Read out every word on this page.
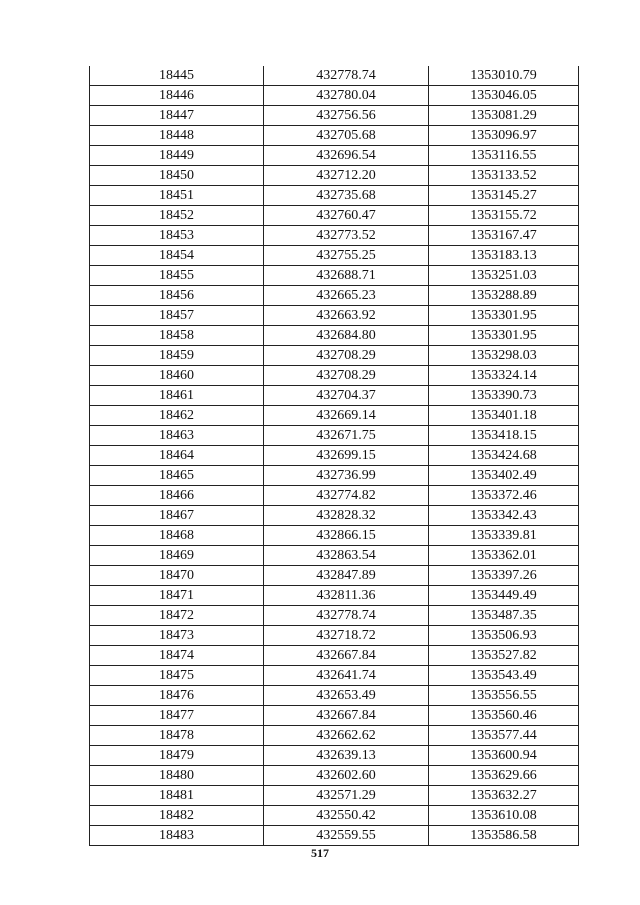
18445	432778.74	1353010.79
18446	432780.04	1353046.05
18447	432756.56	1353081.29
18448	432705.68	1353096.97
18449	432696.54	1353116.55
18450	432712.20	1353133.52
18451	432735.68	1353145.27
18452	432760.47	1353155.72
18453	432773.52	1353167.47
18454	432755.25	1353183.13
18455	432688.71	1353251.03
18456	432665.23	1353288.89
18457	432663.92	1353301.95
18458	432684.80	1353301.95
18459	432708.29	1353298.03
18460	432708.29	1353324.14
18461	432704.37	1353390.73
18462	432669.14	1353401.18
18463	432671.75	1353418.15
18464	432699.15	1353424.68
18465	432736.99	1353402.49
18466	432774.82	1353372.46
18467	432828.32	1353342.43
18468	432866.15	1353339.81
18469	432863.54	1353362.01
18470	432847.89	1353397.26
18471	432811.36	1353449.49
18472	432778.74	1353487.35
18473	432718.72	1353506.93
18474	432667.84	1353527.82
18475	432641.74	1353543.49
18476	432653.49	1353556.55
18477	432667.84	1353560.46
18478	432662.62	1353577.44
18479	432639.13	1353600.94
18480	432602.60	1353629.66
18481	432571.29	1353632.27
18482	432550.42	1353610.08
18483	432559.55	1353586.58
517
